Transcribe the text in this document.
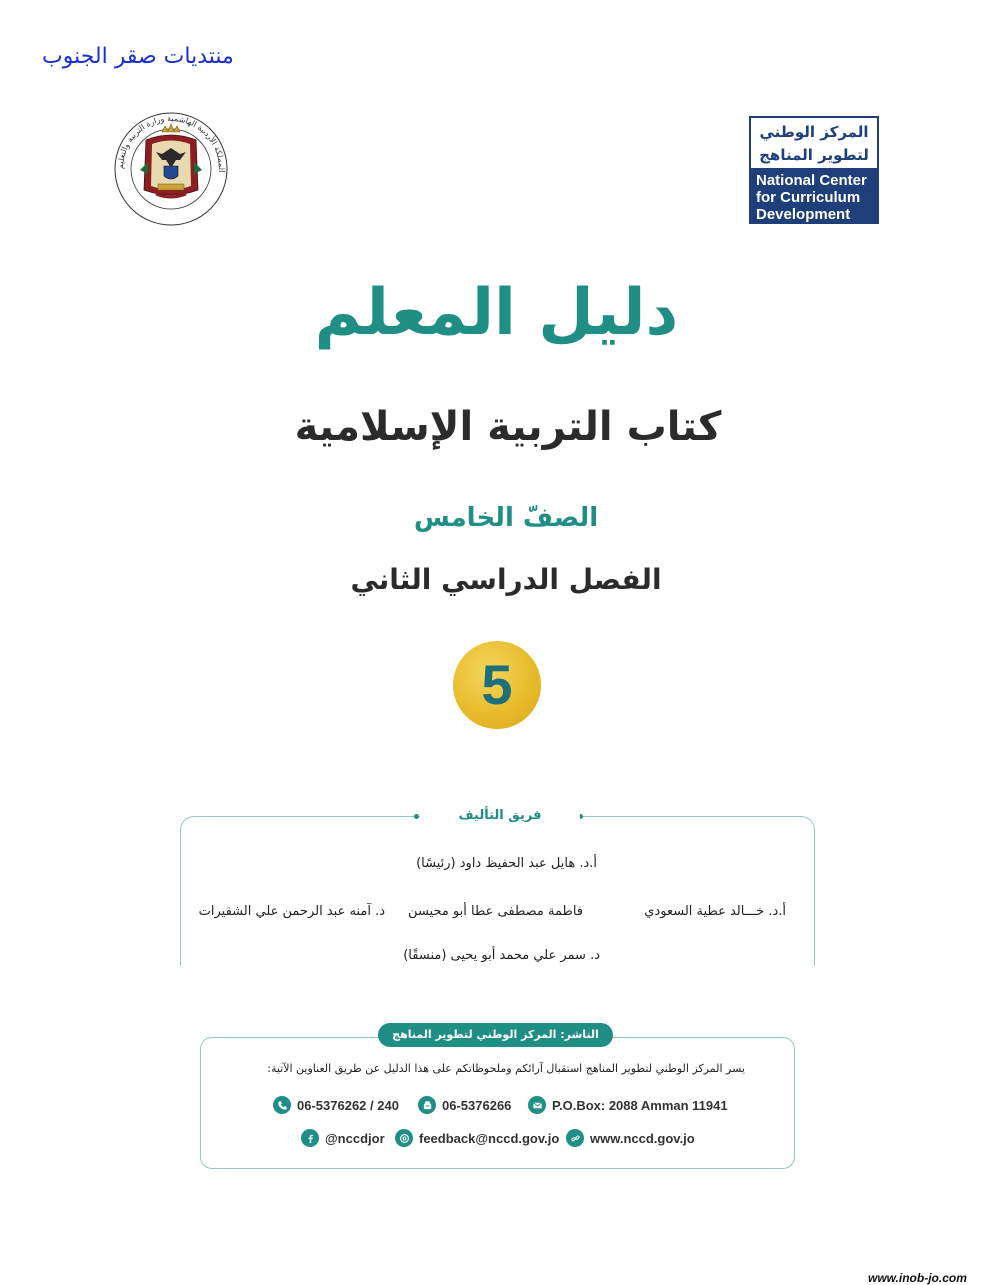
منتديات صقر الجنوب
المملكة الأردنية الهاشمية وزارة التربية والتعليم
المركز الوطني
لتطوير المناهج
National Center
for Curriculum
Development
دليل المعلم
كتاب التربية الإسلامية
الصفّ الخامس
الفصل الدراسي الثاني
5
فريق التأليف
أ.د. هايل عبد الحفيظ داود (رئيسًا)
أ.د. خـــالد عطية السعودي
فاطمة مصطفى عطا أبو محيسن
د. آمنه عبد الرحمن علي الشقيرات
د. سمر علي محمد أبو يحيى (منسقًا)
الناشر: المركز الوطني لتطوير المناهج
يسر المركز الوطني لتطوير المناهج استقبال آرائكم وملحوظاتكم على هذا الدليل عن طريق العناوين الآتية:
06-5376262 / 240	06-5376266	P.O.Box: 2088 Amman 11941
@nccdjor	feedback@nccd.gov.jo www.nccd.gov.jo
www.inob-jo.com
